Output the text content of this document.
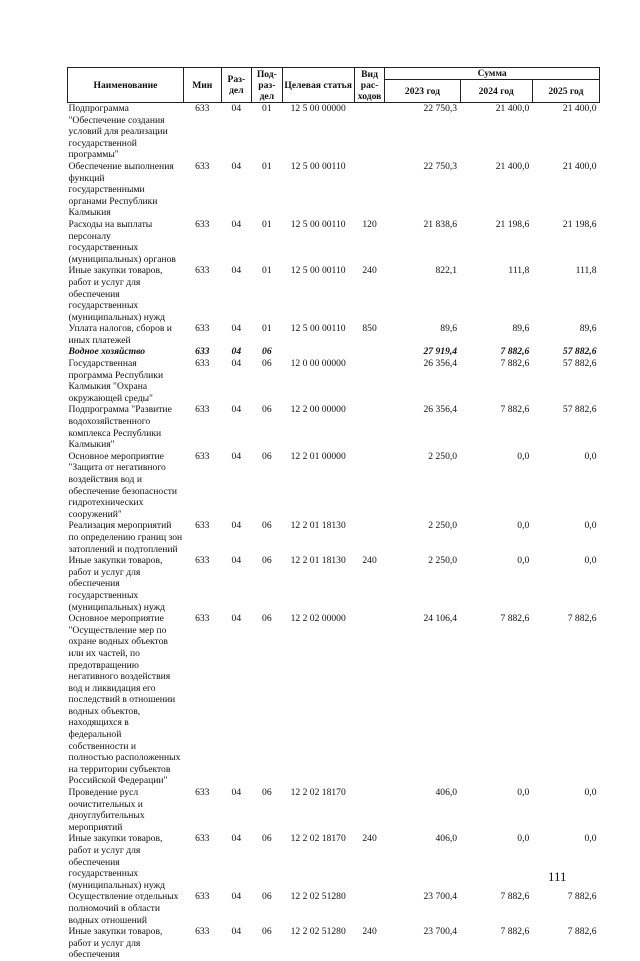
Наименование	Мин	Раз-дел	Под-раз-дел	Целевая статья	Вид рас-ходов	Сумма		
						2023 год	2024 год	2025 год
Подпрограмма "Обеспечение создания условий для реализации государственной программы"	633	04	01	12 5 00 00000		22 750,3	21 400,0	21 400,0
Обеспечение выполнения функций государственными органами Республики Калмыкия	633	04	01	12 5 00 00110		22 750,3	21 400,0	21 400,0
Расходы на выплаты персоналу государственных (муниципальных) органов	633	04	01	12 5 00 00110	120	21 838,6	21 198,6	21 198,6
Иные закупки товаров, работ и услуг для обеспечения государственных (муниципальных) нужд	633	04	01	12 5 00 00110	240	822,1	111,8	111,8
Уплата налогов, сборов и иных платежей	633	04	01	12 5 00 00110	850	89,6	89,6	89,6
Водное хозяйство	633	04	06			27 919,4	7 882,6	57 882,6
Государственная программа Республики Калмыкия "Охрана окружающей среды"	633	04	06	12 0 00 00000		26 356,4	7 882,6	57 882,6
Подпрограмма "Развитие водохозяйственного комплекса Республики Калмыкия"	633	04	06	12 2 00 00000		26 356,4	7 882,6	57 882,6
Основное мероприятие "Защита от негативного воздействия вод и обеспечение безопасности гидротехнических сооружений"	633	04	06	12 2 01 00000		2 250,0	0,0	0,0
Реализация мероприятий по определению границ зон затоплений и подтоплений	633	04	06	12 2 01 18130		2 250,0	0,0	0,0
Иные закупки товаров, работ и услуг для обеспечения государственных (муниципальных) нужд	633	04	06	12 2 01 18130	240	2 250,0	0,0	0,0
Основное мероприятие "Осуществление мер по охране водных объектов или их частей, по предотвращению негативного воздействия вод и ликвидация его последствий в отношении водных объектов, находящихся в федеральной собственности и полностью расположенных на территории субъектов Российской Федерации"	633	04	06	12 2 02 00000		24 106,4	7 882,6	7 882,6
Проведение русл​оочистительных и дноуглубительных мероприятий	633	04	06	12 2 02 18170		406,0	0,0	0,0
Иные закупки товаров, работ и услуг для обеспечения государственных (муниципальных) нужд	633	04	06	12 2 02 18170	240	406,0	0,0	0,0
Осуществление отдельных полномочий в области водных отношений	633	04	06	12 2 02 51280		23 700,4	7 882,6	7 882,6
Иные закупки товаров, работ и услуг для обеспечения	633	04	06	12 2 02 51280	240	23 700,4	7 882,6	7 882,6
111
